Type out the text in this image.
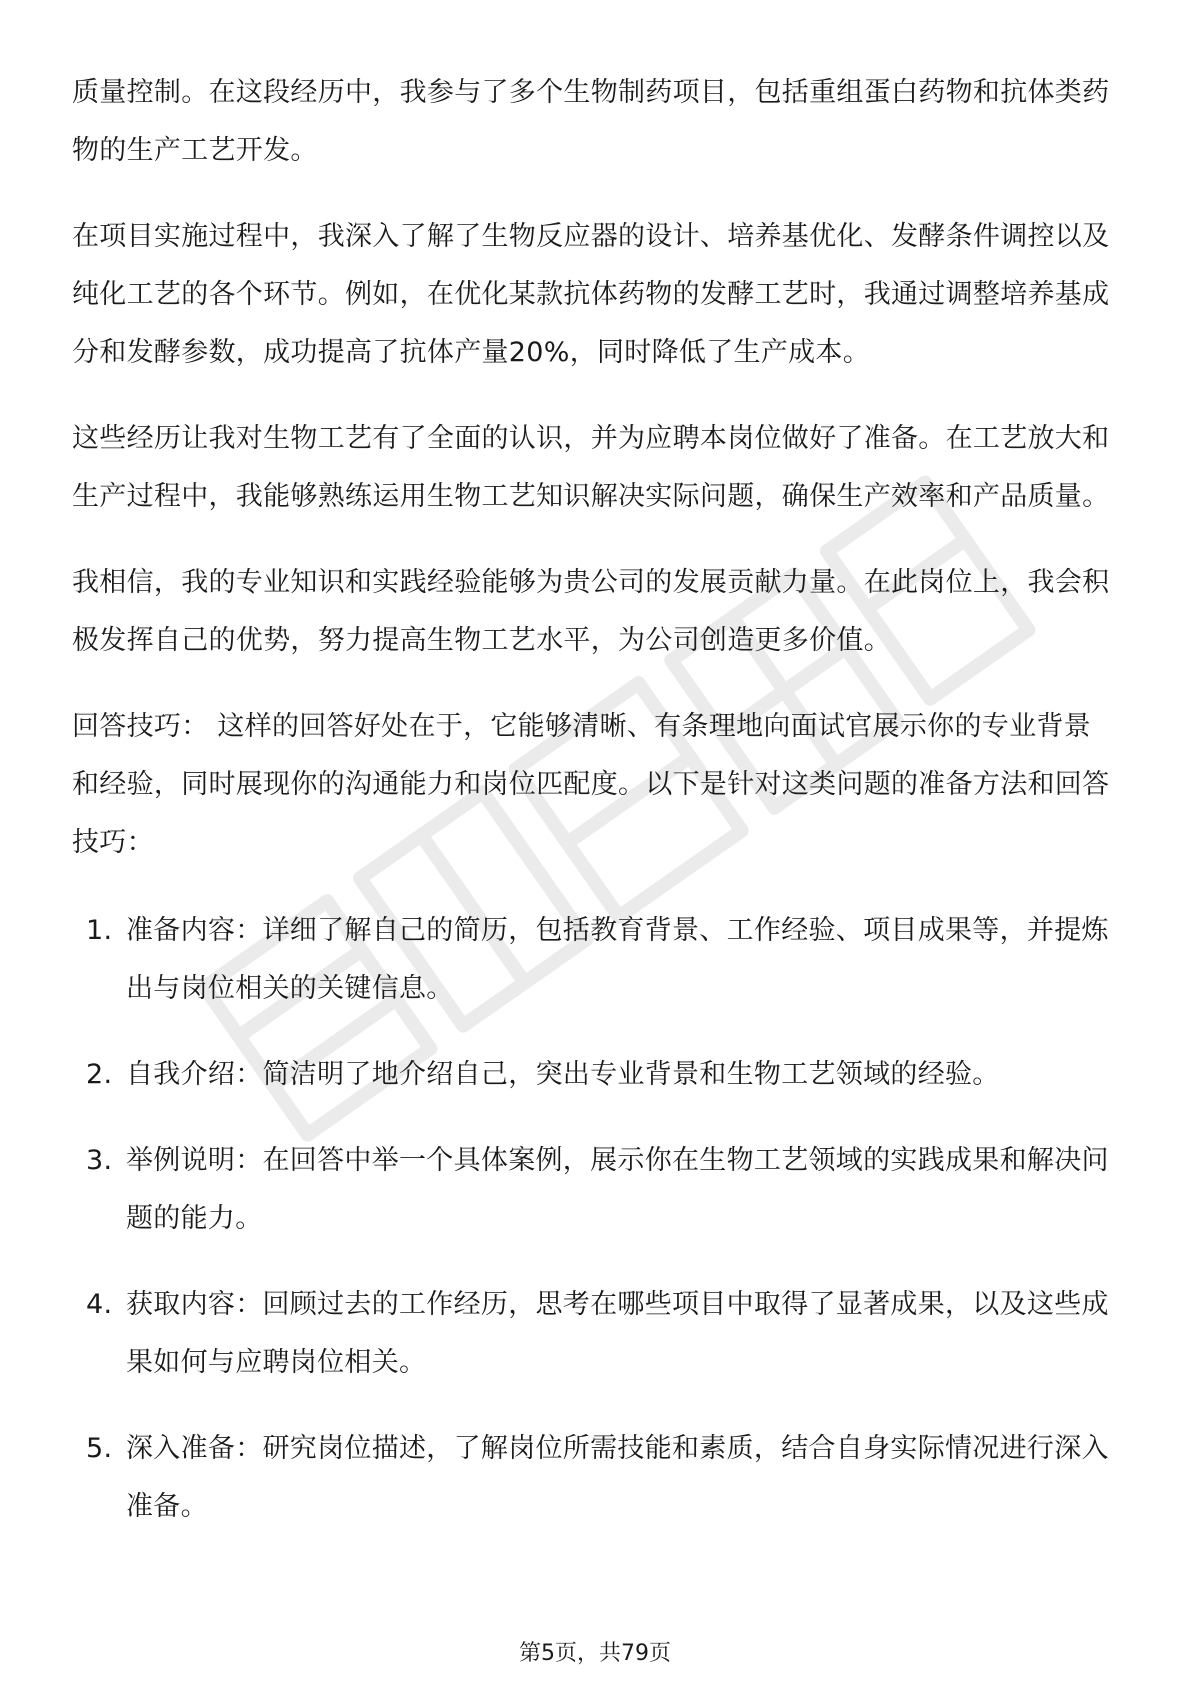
质量控制。在这段经历中，我参与了多个生物制药项目，包括重组蛋白药物和抗体类药物的生产工艺开发。

在项目实施过程中，我深入了解了生物反应器的设计、培养基优化、发酵条件调控以及纯化工艺的各个环节。例如，在优化某款抗体药物的发酵工艺时，我通过调整培养基成分和发酵参数，成功提高了抗体产量20%，同时降低了生产成本。

这些经历让我对生物工艺有了全面的认识，并为应聘本岗位做好了准备。在工艺放大和生产过程中，我能够熟练运用生物工艺知识解决实际问题，确保生产效率和产品质量。

我相信，我的专业知识和实践经验能够为贵公司的发展贡献力量。在此岗位上，我会积极发挥自己的优势，努力提高生物工艺水平，为公司创造更多价值。

回答技巧： 这样的回答好处在于，它能够清晰、有条理地向面试官展示你的专业背景和经验，同时展现你的沟通能力和岗位匹配度。以下是针对这类问题的准备方法和回答技巧：

1. 准备内容：详细了解自己的简历，包括教育背景、工作经验、项目成果等，并提炼出与岗位相关的关键信息。
2. 自我介绍：简洁明了地介绍自己，突出专业背景和生物工艺领域的经验。
3. 举例说明：在回答中举一个具体案例，展示你在生物工艺领域的实践成果和解决问题的能力。
4. 获取内容：回顾过去的工作经历，思考在哪些项目中取得了显著成果，以及这些成果如何与应聘岗位相关。
5. 深入准备：研究岗位描述，了解岗位所需技能和素质，结合自身实际情况进行深入准备。
第5页，共79页
